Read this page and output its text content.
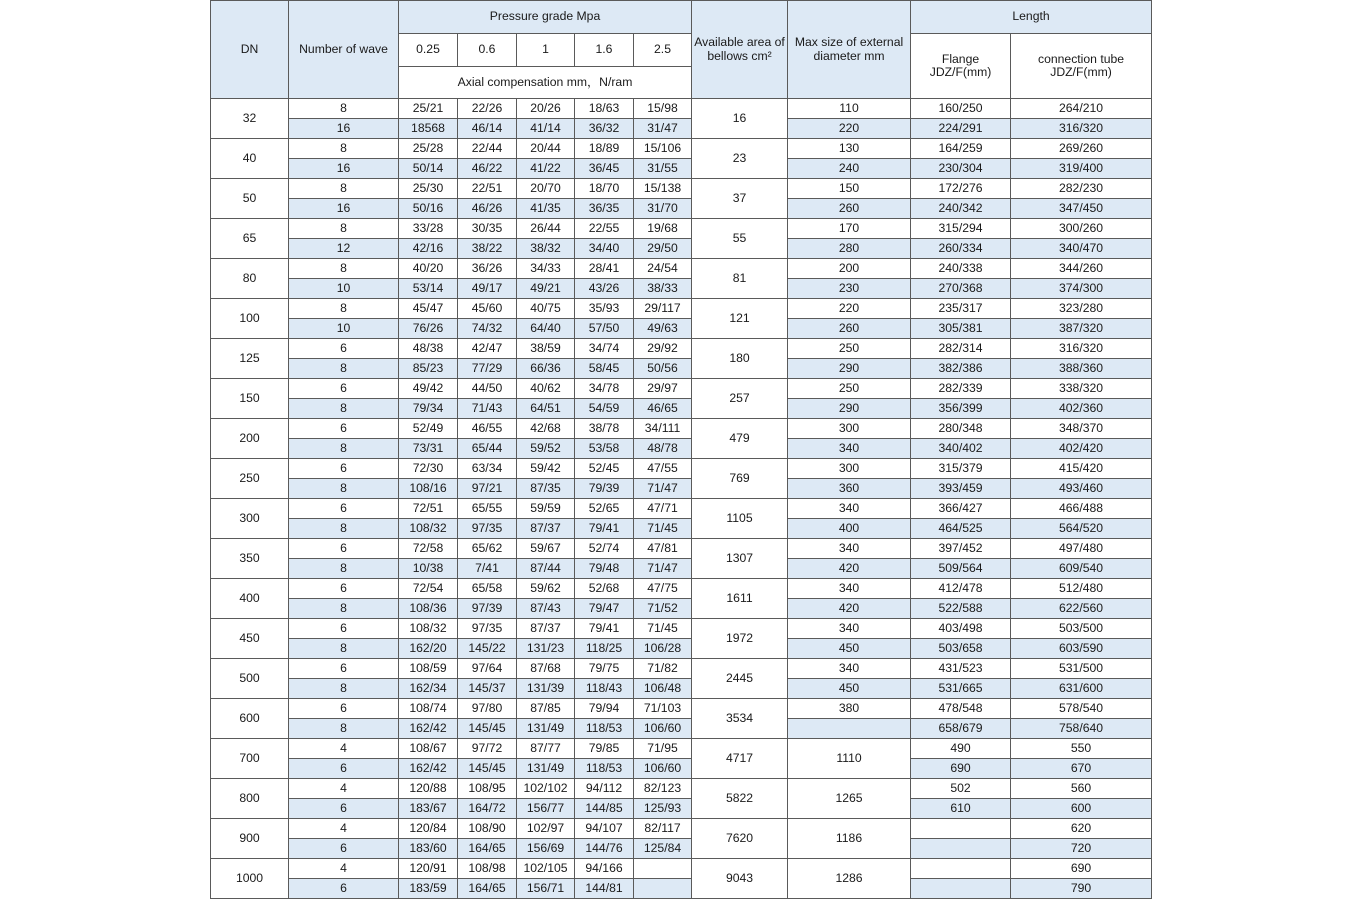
DN	Number of wave	Pressure grade Mpa					Available area of bellows cm²	Max size of external diameter mm	Length	
		0.25	0.6	1	1.6	2.5			Flange JDZ/F(mm)	connection tube JDZ/F(mm)
		Axial compensation mm，N/ram								
32	8	25/21	22/26	20/26	18/63	15/98	16	110	160/250	264/210
	16	18568	46/14	41/14	36/32	31/47		220	224/291	316/320
40	8	25/28	22/44	20/44	18/89	15/106	23	130	164/259	269/260
	16	50/14	46/22	41/22	36/45	31/55		240	230/304	319/400
50	8	25/30	22/51	20/70	18/70	15/138	37	150	172/276	282/230
	16	50/16	46/26	41/35	36/35	31/70		260	240/342	347/450
65	8	33/28	30/35	26/44	22/55	19/68	55	170	315/294	300/260
	12	42/16	38/22	38/32	34/40	29/50		280	260/334	340/470
80	8	40/20	36/26	34/33	28/41	24/54	81	200	240/338	344/260
	10	53/14	49/17	49/21	43/26	38/33		230	270/368	374/300
100	8	45/47	45/60	40/75	35/93	29/117	121	220	235/317	323/280
	10	76/26	74/32	64/40	57/50	49/63		260	305/381	387/320
125	6	48/38	42/47	38/59	34/74	29/92	180	250	282/314	316/320
	8	85/23	77/29	66/36	58/45	50/56		290	382/386	388/360
150	6	49/42	44/50	40/62	34/78	29/97	257	250	282/339	338/320
	8	79/34	71/43	64/51	54/59	46/65		290	356/399	402/360
200	6	52/49	46/55	42/68	38/78	34/111	479	300	280/348	348/370
	8	73/31	65/44	59/52	53/58	48/78		340	340/402	402/420
250	6	72/30	63/34	59/42	52/45	47/55	769	300	315/379	415/420
	8	108/16	97/21	87/35	79/39	71/47		360	393/459	493/460
300	6	72/51	65/55	59/59	52/65	47/71	1105	340	366/427	466/488
	8	108/32	97/35	87/37	79/41	71/45		400	464/525	564/520
350	6	72/58	65/62	59/67	52/74	47/81	1307	340	397/452	497/480
	8	10/38	7/41	87/44	79/48	71/47		420	509/564	609/540
400	6	72/54	65/58	59/62	52/68	47/75	1611	340	412/478	512/480
	8	108/36	97/39	87/43	79/47	71/52		420	522/588	622/560
450	6	108/32	97/35	87/37	79/41	71/45	1972	340	403/498	503/500
	8	162/20	145/22	131/23	118/25	106/28		450	503/658	603/590
500	6	108/59	97/64	87/68	79/75	71/82	2445	340	431/523	531/500
	8	162/34	145/37	131/39	118/43	106/48		450	531/665	631/600
600	6	108/74	97/80	87/85	79/94	71/103	3534	380	478/548	578/540
	8	162/42	145/45	131/49	118/53	106/60			658/679	758/640
700	4	108/67	97/72	87/77	79/85	71/95	4717	1110	490	550
	6	162/42	145/45	131/49	118/53	106/60			690	670
800	4	120/88	108/95	102/102	94/112	82/123	5822	1265	502	560
	6	183/67	164/72	156/77	144/85	125/93			610	600
900	4	120/84	108/90	102/97	94/107	82/117	7620	1186		620
	6	183/60	164/65	156/69	144/76	125/84				720
1000	4	120/91	108/98	102/105	94/166		9043	1286		690
	6	183/59	164/65	156/71	144/81					790
